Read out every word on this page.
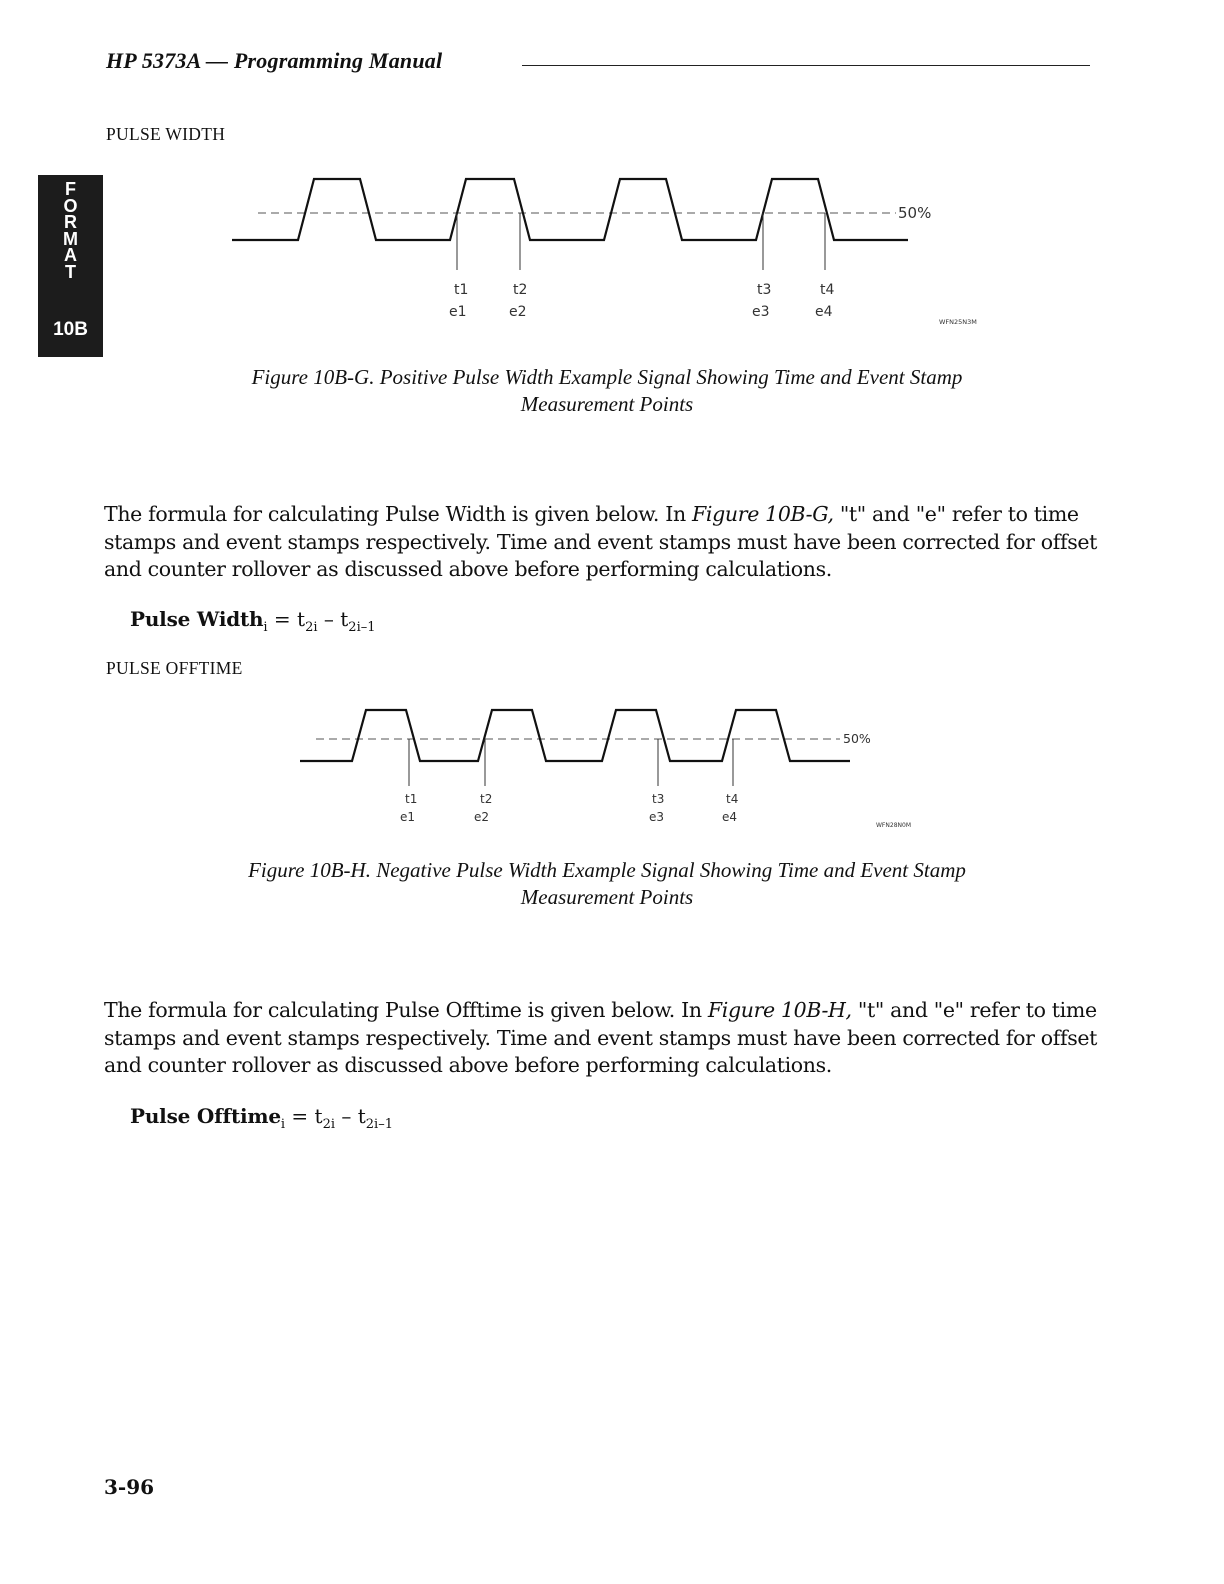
HP 5373A — Programming Manual
F
O
R
M
A
T
10B
PULSE WIDTH
50%
t1	t2	t3	t4
e1	e2	e3	e4
WFN25N3M
Figure 10B-G. Positive Pulse Width Example Signal Showing Time and Event Stamp
Measurement Points
The formula for calculating Pulse Width is given below. In Figure 10B-G, "t" and "e" refer to time stamps and event stamps respectively. Time and event stamps must have been corrected for offset and counter rollover as discussed above before performing calculations.
Pulse Width$_i$ = $t_{2i} - t_{2i-1}$
PULSE OFFTIME
50%
t1	t2	t3	t4
e1	e2	e3	e4
WFN28N0M
Figure 10B-H. Negative Pulse Width Example Signal Showing Time and Event Stamp
Measurement Points
The formula for calculating Pulse Offtime is given below. In Figure 10B-H, "t" and "e" refer to time stamps and event stamps respectively. Time and event stamps must have been corrected for offset and counter rollover as discussed above before performing calculations.
Pulse Offtime$_i$ = $t_{2i} - t_{2i-1}$
3-96
